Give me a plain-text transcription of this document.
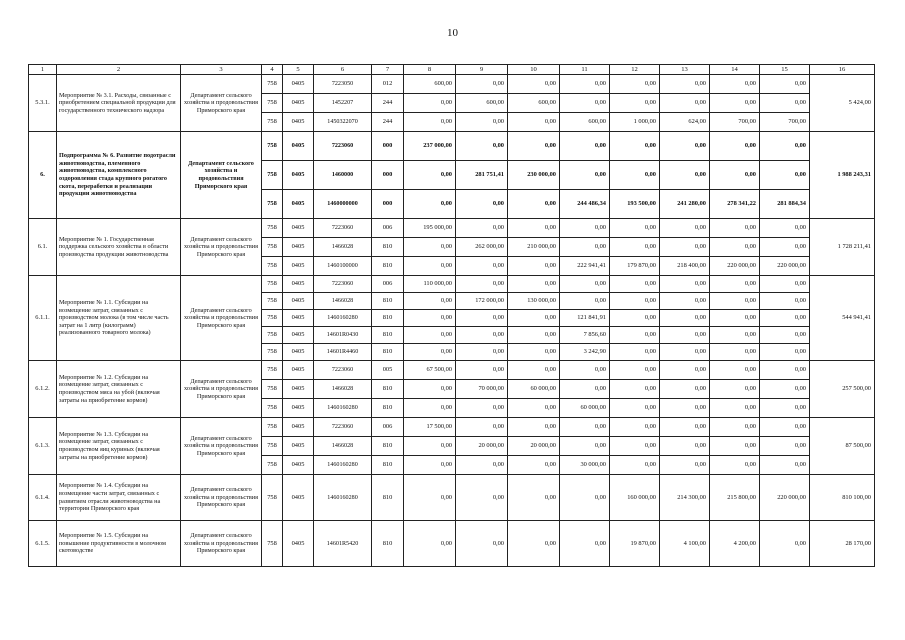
10
1	2	3	4	5	6	7	8	9	10	11	12	13	14	15	16
5.3.1.	Мероприятие № 3.1. Расходы, связанные с приобретением специальной продукции для государственного технического надзора	Департамент сельского хозяйства и продовольствия Приморского края	758	0405	7223050	012	600,00	0,00	0,00	0,00	0,00	0,00	0,00	0,00	5 424,00
			758	0405	1452207	244	0,00	600,00	600,00	0,00	0,00	0,00	0,00	0,00	
			758	0405	1450322070	244	0,00	0,00	0,00	600,00	1 000,00	624,00	700,00	700,00	
6.	Подпрограмма № 6. Развитие подотрасли животноводства, племенного животноводства, комплексного оздоровления стада крупного рогатого скота, переработки и реализации продукции животноводства	Департамент сельского хозяйства и продовольствия Приморского края	758	0405	7223060	000	237 000,00	0,00	0,00	0,00	0,00	0,00	0,00	0,00	1 988 243,31
			758	0405	1460000	000	0,00	281 751,41	230 000,00	0,00	0,00	0,00	0,00	0,00	
			758	0405	1460000000	000	0,00	0,00	0,00	244 486,34	193 500,00	241 280,00	278 341,22	281 884,34	
6.1.	Мероприятие № 1. Государственная поддержка сельского хозяйства в области производства продукции животноводства	Департамент сельского хозяйства и продовольствия Приморского края	758	0405	7223060	006	195 000,00	0,00	0,00	0,00	0,00	0,00	0,00	0,00	1 728 211,41
			758	0405	1466028	810	0,00	262 000,00	210 000,00	0,00	0,00	0,00	0,00	0,00	
			758	0405	1460100000	810	0,00	0,00	0,00	222 941,41	179 870,00	218 400,00	220 000,00	220 000,00	
6.1.1.	Мероприятие № 1.1. Субсидии на возмещение затрат, связанных с производством молока (в том числе часть затрат на 1 литр (килограмм) реализованного товарного молока)	Департамент сельского хозяйства и продовольствия Приморского края	758	0405	7223060	006	110 000,00	0,00	0,00	0,00	0,00	0,00	0,00	0,00	544 941,41
			758	0405	1466028	810	0,00	172 000,00	130 000,00	0,00	0,00	0,00	0,00	0,00	
			758	0405	1460160280	810	0,00	0,00	0,00	121 841,91	0,00	0,00	0,00	0,00	
			758	0405	14601R0430	810	0,00	0,00	0,00	7 856,60	0,00	0,00	0,00	0,00	
			758	0405	14601R4460	810	0,00	0,00	0,00	3 242,90	0,00	0,00	0,00	0,00	
6.1.2.	Мероприятие № 1.2. Субсидии на возмещение затрат, связанных с производством мяса на убой (включая затраты на приобретение кормов)	Департамент сельского хозяйства и продовольствия Приморского края	758	0405	7223060	005	67 500,00	0,00	0,00	0,00	0,00	0,00	0,00	0,00	257 500,00
			758	0405	1466028	810	0,00	70 000,00	60 000,00	0,00	0,00	0,00	0,00	0,00	
			758	0405	1460160280	810	0,00	0,00	0,00	60 000,00	0,00	0,00	0,00	0,00	
6.1.3.	Мероприятие № 1.3. Субсидии на возмещение затрат, связанных с производством яиц куриных (включая затраты на приобретение кормов)	Департамент сельского хозяйства и продовольствия Приморского края	758	0405	7223060	006	17 500,00	0,00	0,00	0,00	0,00	0,00	0,00	0,00	87 500,00
			758	0405	1466028	810	0,00	20 000,00	20 000,00	0,00	0,00	0,00	0,00	0,00	
			758	0405	1460160280	810	0,00	0,00	0,00	30 000,00	0,00	0,00	0,00	0,00	
6.1.4.	Мероприятие № 1.4. Субсидии на возмещение части затрат, связанных с развитием отрасли животноводства на территории Приморского края	Департамент сельского хозяйства и продовольствия Приморского края	758	0405	1460160280	810	0,00	0,00	0,00	0,00	160 000,00	214 300,00	215 800,00	220 000,00	810 100,00
6.1.5.	Мероприятие № 1.5. Субсидии на повышение продуктивности в молочном скотоводстве	Департамент сельского хозяйства и продовольствия Приморского края	758	0405	14601R5420	810	0,00	0,00	0,00	0,00	19 870,00	4 100,00	4 200,00	0,00	28 170,00
